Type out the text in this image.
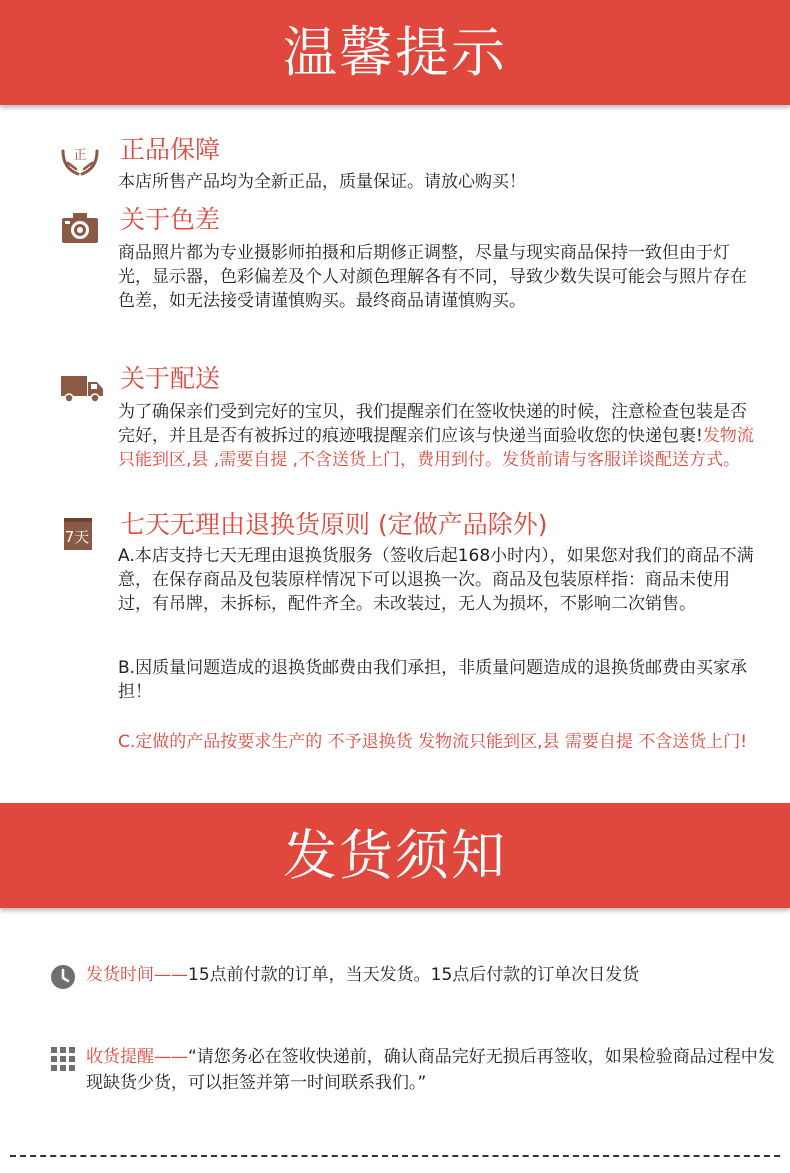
温馨提示
正 正品保障
本店所售产品均为全新正品，质量保证。请放心购买！
关于色差
商品照片都为专业摄影师拍摄和后期修正调整，尽量与现实商品保持一致但由于灯光，显示器，色彩偏差及个人对颜色理解各有不同，导致少数失误可能会与照片存在色差，如无法接受请谨慎购买。最终商品请谨慎购买。
关于配送
为了确保亲们受到完好的宝贝，我们提醒亲们在签收快递的时候，注意检查包装是否完好，并且是否有被拆过的痕迹哦提醒亲们应该与快递当面验收您的快递包裹!发物流只能到区,县 ,需要自提 ,不含送货上门，费用到付。发货前请与客服详谈配送方式。
7天 七天无理由退换货原则 (定做产品除外)
A.本店支持七天无理由退换货服务（签收后起168小时内），如果您对我们的商品不满意，在保存商品及包装原样情况下可以退换一次。商品及包装原样指：商品未使用过，有吊牌，未拆标，配件齐全。未改装过，无人为损坏，不影响二次销售。
B.因质量问题造成的退换货邮费由我们承担，非质量问题造成的退换货邮费由买家承担！
C.定做的产品按要求生产的 不予退换货 发物流只能到区,县 需要自提 不含送货上门!
发货须知
发货时间——15点前付款的订单，当天发货。15点后付款的订单次日发货
收货提醒——“请您务必在签收快递前，确认商品完好无损后再签收，如果检验商品过程中发现缺货少货，可以拒签并第一时间联系我们。”
